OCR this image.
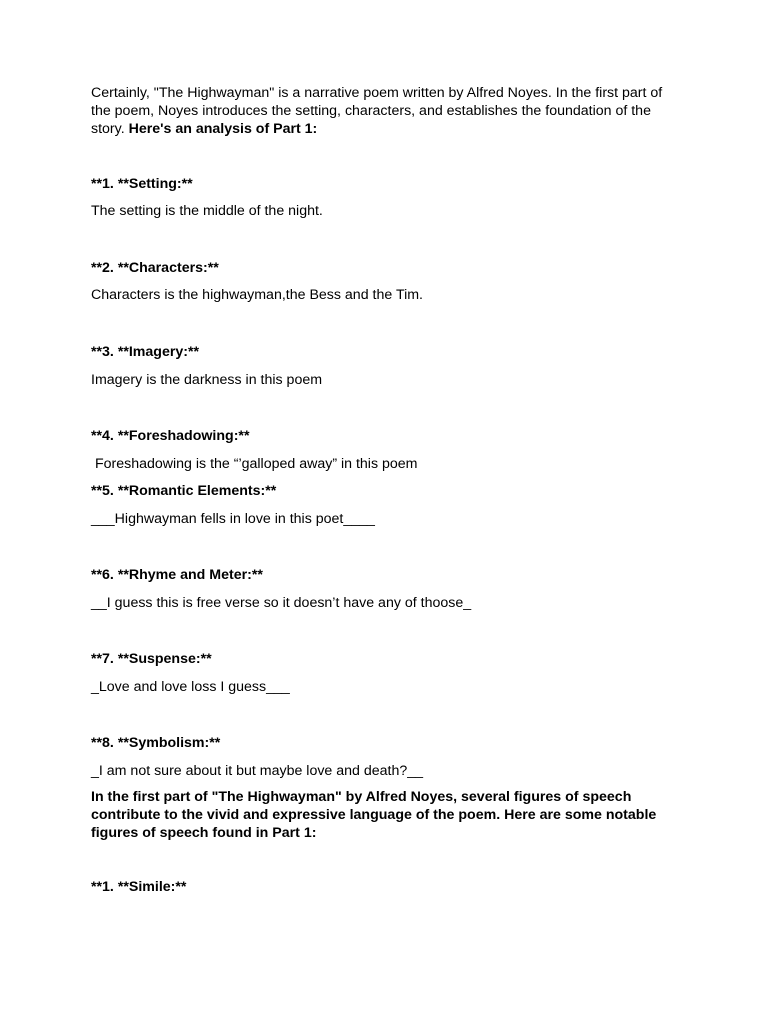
Certainly, "The Highwayman" is a narrative poem written by Alfred Noyes. In the first part of the poem, Noyes introduces the setting, characters, and establishes the foundation of the story. Here's an analysis of Part 1:

**1. **Setting:**

The setting is the middle of the night.

**2. **Characters:**

Characters is the highwayman,the Bess and the Tim.

**3. **Imagery:**

Imagery is the darkness in this poem

**4. **Foreshadowing:**

Foreshadowing is the “’galloped away” in this poem

**5. **Romantic Elements:**

___Highwayman fells in love in this poet____

**6. **Rhyme and Meter:**

__I guess this is free verse so it doesn’t have any of thoose_

**7. **Suspense:**

_Love and love loss I guess___

**8. **Symbolism:**

_I am not sure about it but maybe love and death?__

In the first part of "The Highwayman" by Alfred Noyes, several figures of speech contribute to the vivid and expressive language of the poem. Here are some notable figures of speech found in Part 1:

**1. **Simile:**
